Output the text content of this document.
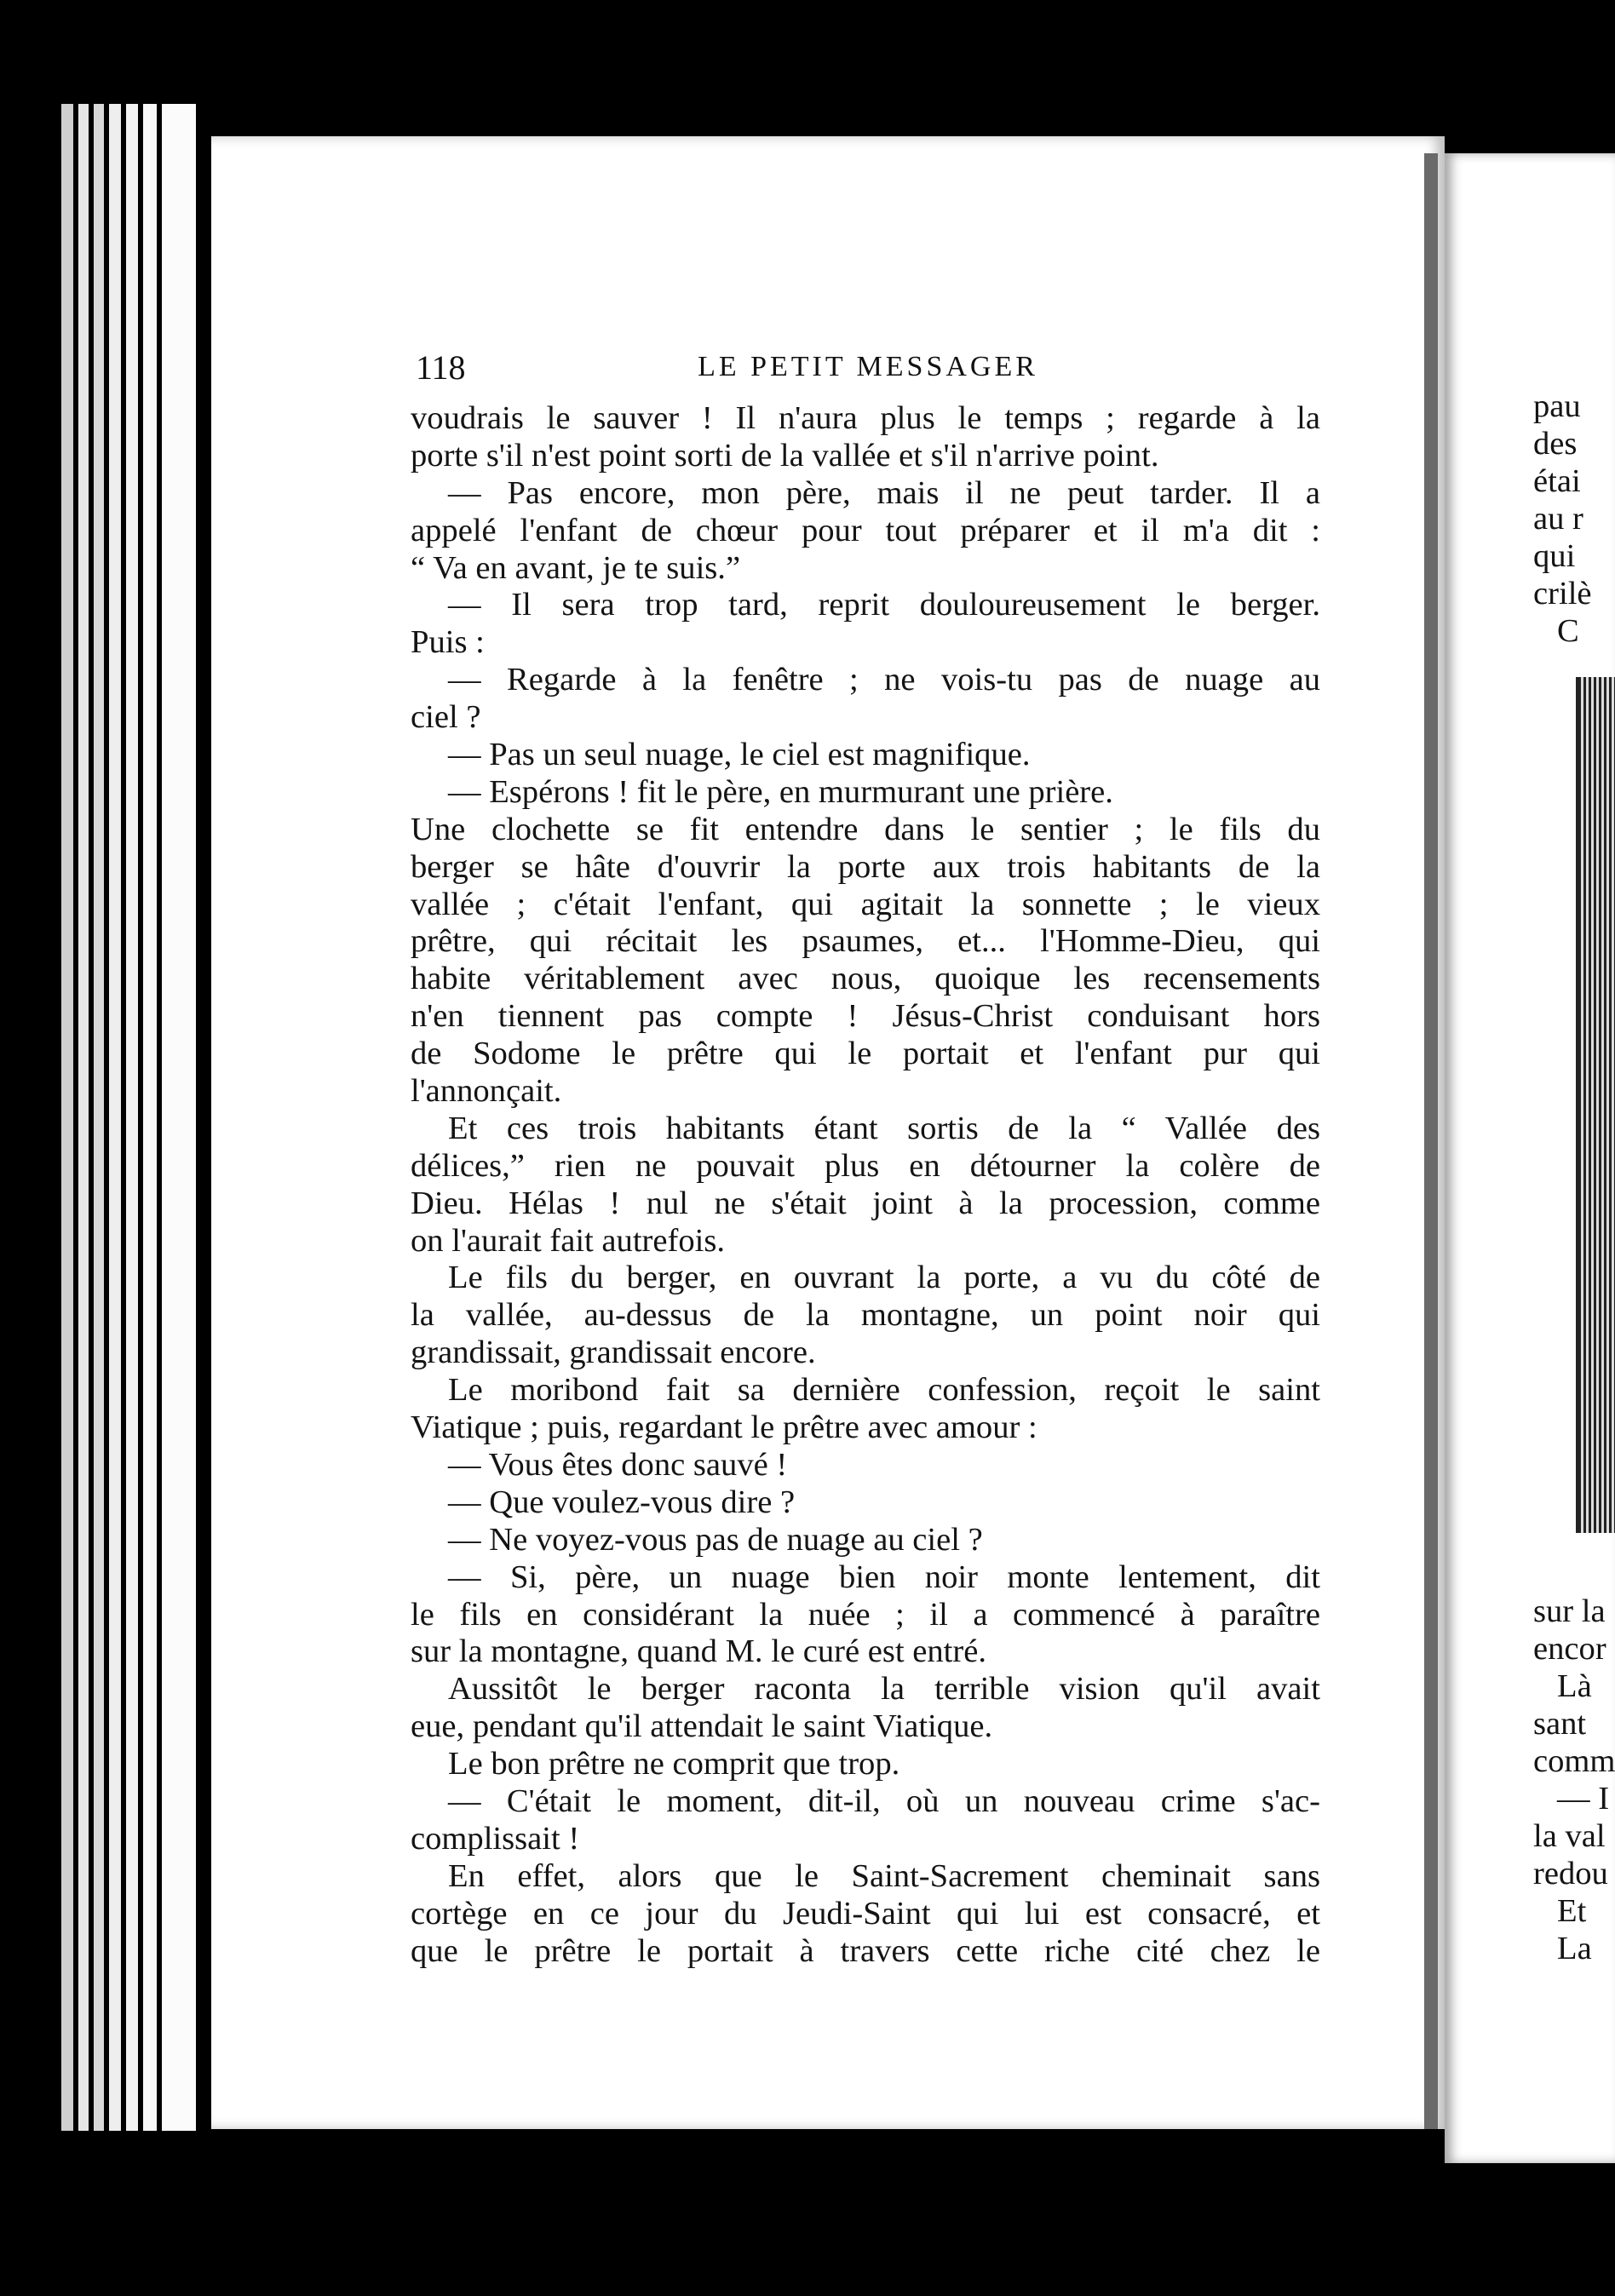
118	LE PETIT MESSAGER
voudrais le sauver ! Il n'aura plus le temps ; regarde à la
porte s'il n'est point sorti de la vallée et s'il n'arrive point.
— Pas encore, mon père, mais il ne peut tarder. Il a
appelé l'enfant de chœur pour tout préparer et il m'a dit :
“ Va en avant, je te suis.”
— Il sera trop tard, reprit douloureusement le berger.
Puis :
— Regarde à la fenêtre ; ne vois-tu pas de nuage au
ciel ?
— Pas un seul nuage, le ciel est magnifique.
— Espérons ! fit le père, en murmurant une prière.
Une clochette se fit entendre dans le sentier ; le fils du
berger se hâte d'ouvrir la porte aux trois habitants de la
vallée ; c'était l'enfant, qui agitait la sonnette ; le vieux
prêtre, qui récitait les psaumes, et... l'Homme-Dieu, qui
habite véritablement avec nous, quoique les recensements
n'en tiennent pas compte ! Jésus-Christ conduisant hors
de Sodome le prêtre qui le portait et l'enfant pur qui
l'annonçait.
Et ces trois habitants étant sortis de la “ Vallée des
délices,” rien ne pouvait plus en détourner la colère de
Dieu. Hélas ! nul ne s'était joint à la procession, comme
on l'aurait fait autrefois.
Le fils du berger, en ouvrant la porte, a vu du côté de
la vallée, au-dessus de la montagne, un point noir qui
grandissait, grandissait encore.
Le moribond fait sa dernière confession, reçoit le saint
Viatique ; puis, regardant le prêtre avec amour :
— Vous êtes donc sauvé !
— Que voulez-vous dire ?
— Ne voyez-vous pas de nuage au ciel ?
— Si, père, un nuage bien noir monte lentement, dit
le fils en considérant la nuée ; il a commencé à paraître
sur la montagne, quand M. le curé est entré.
Aussitôt le berger raconta la terrible vision qu'il avait
eue, pendant qu'il attendait le saint Viatique.
Le bon prêtre ne comprit que trop.
— C'était le moment, dit-il, où un nouveau crime s'ac-
complissait !
En effet, alors que le Saint-Sacrement cheminait sans
cortège en ce jour du Jeudi-Saint qui lui est consacré, et
que le prêtre le portait à travers cette riche cité chez le
pau
des
étai
au r
qui
crilè
C
sur la
encor
Là
sant
comm
— I
la val
redou
Et
La
